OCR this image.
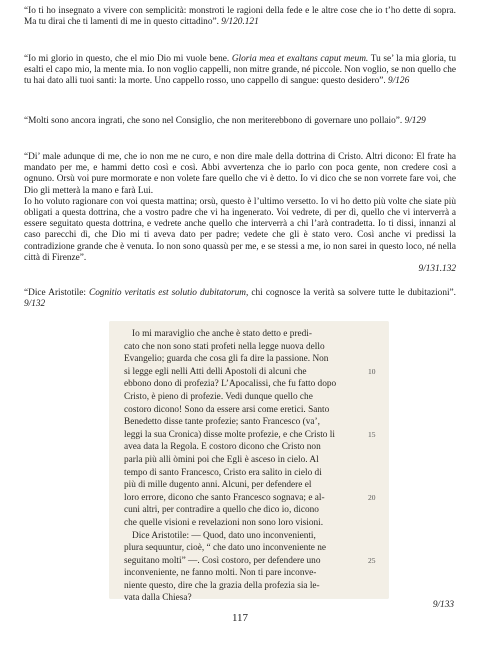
“Io ti ho insegnato a vivere con semplicità: monstroti le ragioni della fede e le altre cose che io t’ho dette di sopra. Ma tu dirai che ti lamenti di me in questo cittadino”. 9/120.121

“Io mi glorio in questo, che el mio Dio mi vuole bene. Gloria mea et exaltans caput meum. Tu se’ la mia gloria, tu esalti el capo mio, la mente mia. Io non voglio cappelli, non mitre grande, né piccole. Non voglio, se non quello che tu hai dato alli tuoi santi: la morte. Uno cappello rosso, uno cappello di sangue: questo desidero”. 9/126

“Molti sono ancora ingrati, che sono nel Consiglio, che non meriterebbono di governare uno pollaio”. 9/129

“Di’ male adunque di me, che io non me ne curo, e non dire male della dottrina di Cristo. Altri dicono: El frate ha mandato per me, e hammi detto così e così. Abbi avvertenza che io parlo con poca gente, non credere così a ognuno. Orsù voi pure mormorate e non volete fare quello che vi è detto. Io vi dico che se non vorrete fare voi, che Dio gli metterà la mano e farà Lui.
Io ho voluto ragionare con voi questa mattina; orsù, questo è l’ultimo versetto. Io vi ho detto più volte che siate più obligati a questa dottrina, che a vostro padre che vi ha ingenerato. Voi vedrete, di per dì, quello che vi interverrà a essere seguitato questa dottrina, e vedrete anche quello che interverrà a chi l’arà contradetta. Io ti dissi, innanzi al caso parecchi dì, che Dio mi ti aveva dato per padre; vedete che gli è stato vero. Così anche vi predissi la contradizione grande che è venuta. Io non sono quassù per me, e se stessi a me, io non sarei in questo loco, né nella città di Firenze”.
9/131.132

“Dice Aristotile: Cognitio veritatis est solutio dubitatorum, chi cognosce la verità sa solvere tutte le dubitazioni”. 9/132

Io mi maraviglio che anche è stato detto e predi-
cato che non sono stati profeti nella legge nuova dello
Evangelio; guarda che cosa gli fa dire la passione. Non
si legge egli nelli Atti delli Apostoli di alcuni che	10
ebbono dono di profezia? L’Apocalissi, che fu fatto dopo
Cristo, è pieno di profezie. Vedi dunque quello che
costoro dicono! Sono da essere arsi come eretici. Santo
Benedetto disse tante profezie; santo Francesco (va’,
leggi la sua Cronica) disse molte profezie, e che Cristo li	15
avea data la Regola. E costoro dicono che Cristo non
parla più alli òmini poi che Egli è asceso in cielo. Al
tempo di santo Francesco, Cristo era salito in cielo di
più di mille dugento anni. Alcuni, per defendere el
loro errore, dicono che santo Francesco sognava; e al-	20
cuni altri, per contradire a quello che dico io, dicono
che quelle visioni e revelazioni non sono loro visioni.
Dice Aristotile: — Quod, dato uno inconvenienti,
plura sequuntur, cioè, “ che dato uno inconveniente ne
seguitano molti” —. Così costoro, per defendere uno	25
inconveniente, ne fanno molti. Non ti pare inconve-
niente questo, dire che la grazia della profezia sia le-
vata dalla Chiesa?
9/133
117
